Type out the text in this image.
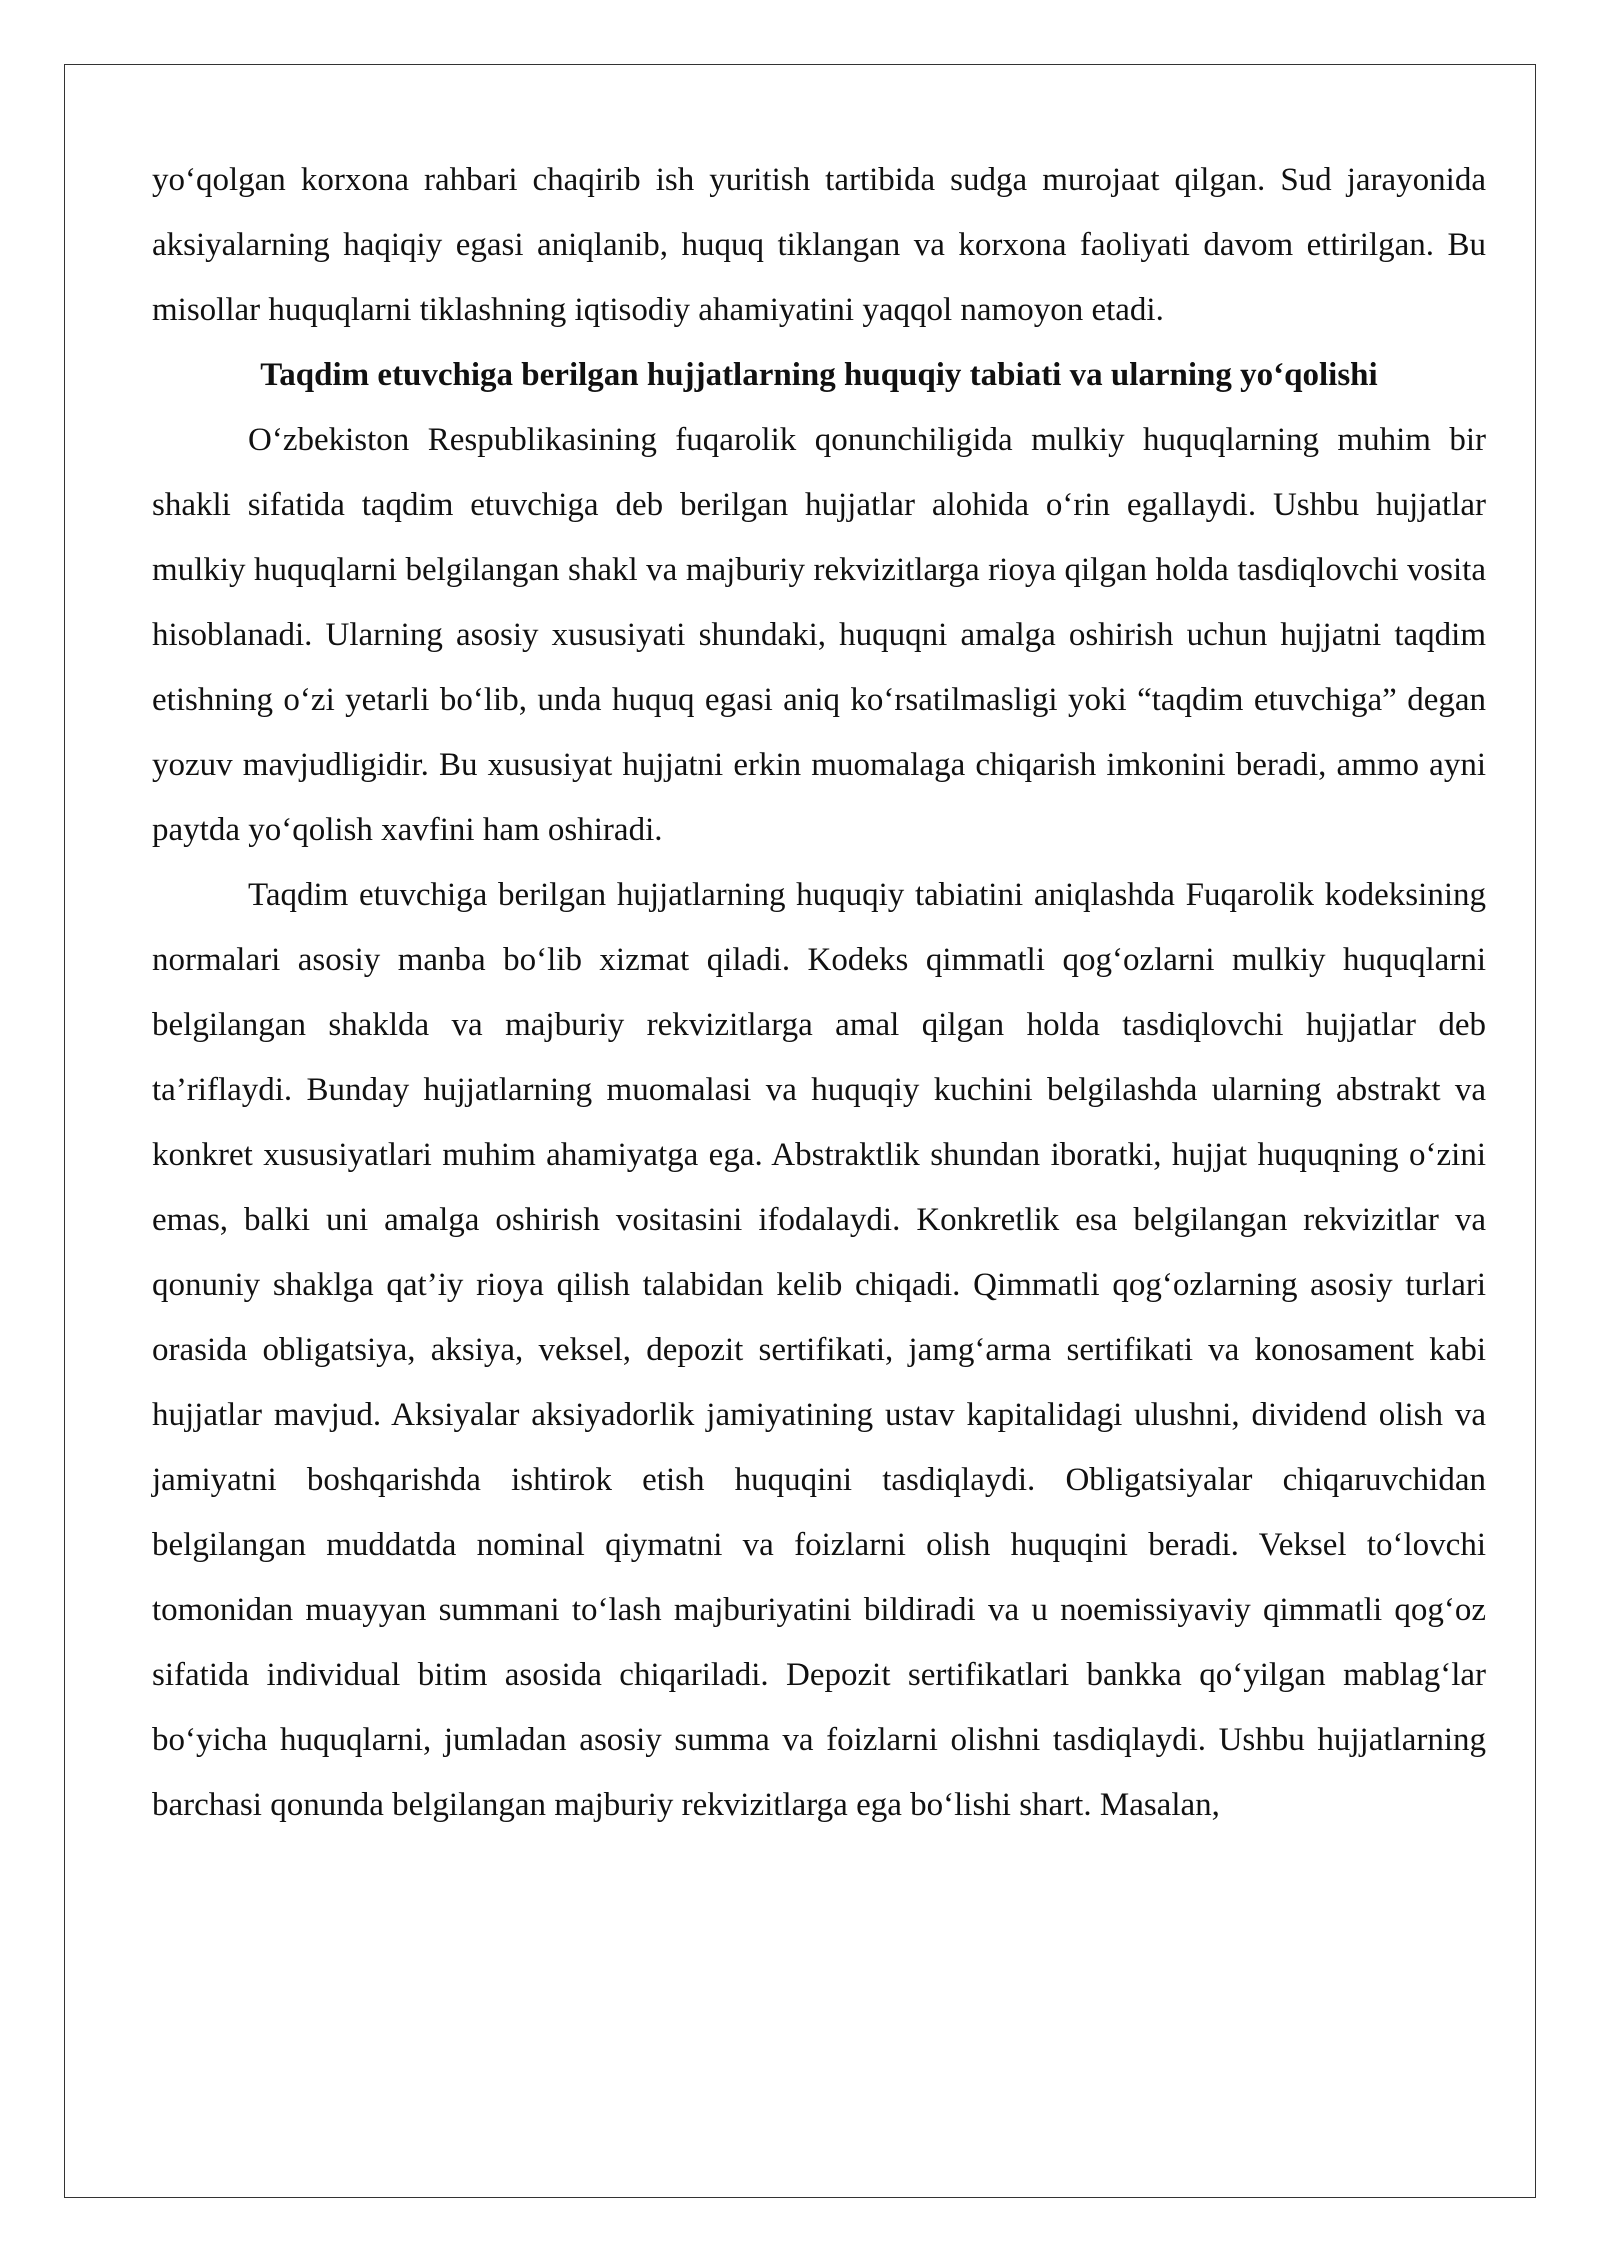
yo‘qolgan korxona rahbari chaqirib ish yuritish tartibida sudga murojaat qilgan. Sud jarayonida aksiyalarning haqiqiy egasi aniqlanib, huquq tiklangan va korxona faoliyati davom ettirilgan. Bu misollar huquqlarni tiklashning iqtisodiy ahamiyatini yaqqol namoyon etadi.

Taqdim etuvchiga berilgan hujjatlarning huquqiy tabiati va ularning yo‘qolishi

O‘zbekiston Respublikasining fuqarolik qonunchiligida mulkiy huquqlarning muhim bir shakli sifatida taqdim etuvchiga deb berilgan hujjatlar alohida o‘rin egallaydi. Ushbu hujjatlar mulkiy huquqlarni belgilangan shakl va majburiy rekvizitlarga rioya qilgan holda tasdiqlovchi vosita hisoblanadi. Ularning asosiy xususiyati shundaki, huquqni amalga oshirish uchun hujjatni taqdim etishning o‘zi yetarli bo‘lib, unda huquq egasi aniq ko‘rsatilmasligi yoki “taqdim etuvchiga” degan yozuv mavjudligidir. Bu xususiyat hujjatni erkin muomalaga chiqarish imkonini beradi, ammo ayni paytda yo‘qolish xavfini ham oshiradi.

Taqdim etuvchiga berilgan hujjatlarning huquqiy tabiatini aniqlashda Fuqarolik kodeksining normalari asosiy manba bo‘lib xizmat qiladi. Kodeks qimmatli qog‘ozlarni mulkiy huquqlarni belgilangan shaklda va majburiy rekvizitlarga amal qilgan holda tasdiqlovchi hujjatlar deb ta’riflaydi. Bunday hujjatlarning muomalasi va huquqiy kuchini belgilashda ularning abstrakt va konkret xususiyatlari muhim ahamiyatga ega. Abstraktlik shundan iboratki, hujjat huquqning o‘zini emas, balki uni amalga oshirish vositasini ifodalaydi. Konkretlik esa belgilangan rekvizitlar va qonuniy shaklga qat’iy rioya qilish talabidan kelib chiqadi. Qimmatli qog‘ozlarning asosiy turlari orasida obligatsiya, aksiya, veksel, depozit sertifikati, jamg‘arma sertifikati va konosament kabi hujjatlar mavjud. Aksiyalar aksiyadorlik jamiyatining ustav kapitalidagi ulushni, dividend olish va jamiyatni boshqarishda ishtirok etish huquqini tasdiqlaydi. Obligatsiyalar chiqaruvchidan belgilangan muddatda nominal qiymatni va foizlarni olish huquqini beradi. Veksel to‘lovchi tomonidan muayyan summani to‘lash majburiyatini bildiradi va u noemissiyaviy qimmatli qog‘oz sifatida individual bitim asosida chiqariladi. Depozit sertifikatlari bankka qo‘yilgan mablag‘lar bo‘yicha huquqlarni, jumladan asosiy summa va foizlarni olishni tasdiqlaydi. Ushbu hujjatlarning barchasi qonunda belgilangan majburiy rekvizitlarga ega bo‘lishi shart. Masalan,
